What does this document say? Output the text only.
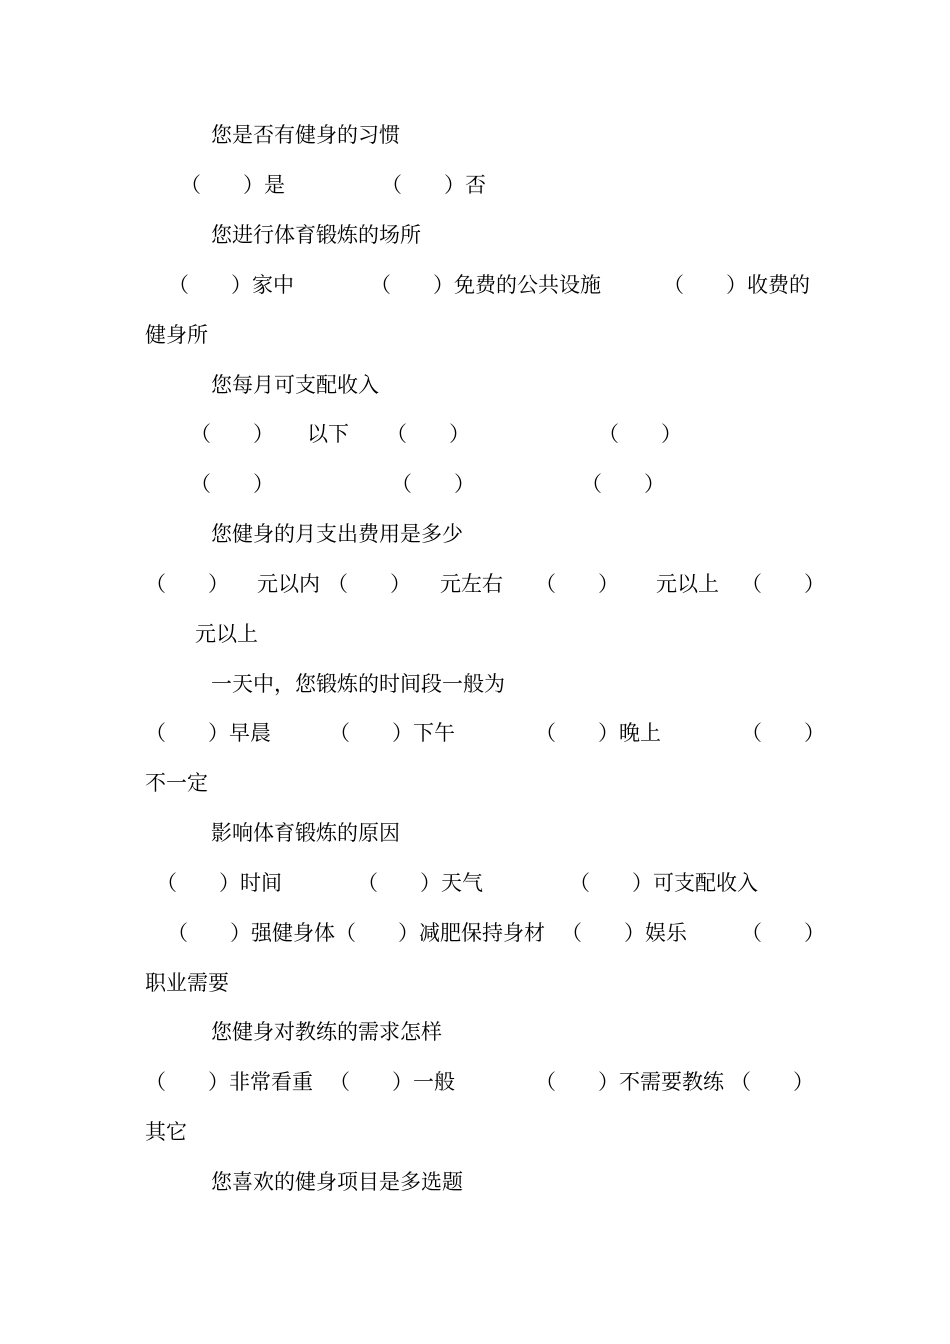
您是否有健身的习惯
（　　）是	（　　）否
您进行体育锻炼的场所
（　　）家中	（　　）免费的公共设施	（　　）收费的
健身所
您每月可支配收入
（　　） 以下 （　　）	（　　）
（　　）	（　　）	（　　）
您健身的月支出费用是多少
（　　） 元以内 （　　） 元左右 （　　） 元以上 （　　）
元以上
一天中，您锻炼的时间段一般为
（　　）早晨	（　　）下午	（　　）晚上	（　　）
不一定
影响体育锻炼的原因
（　　）时间	（　　）天气	（　　）可支配收入
（　　）强健身体（　　）减肥保持身材 （　　）娱乐	（　　）
职业需要
您健身对教练的需求怎样
（　　）非常看重 （　　）一般	（　　）不需要教练 （　　）
其它
您喜欢的健身项目是多选题
